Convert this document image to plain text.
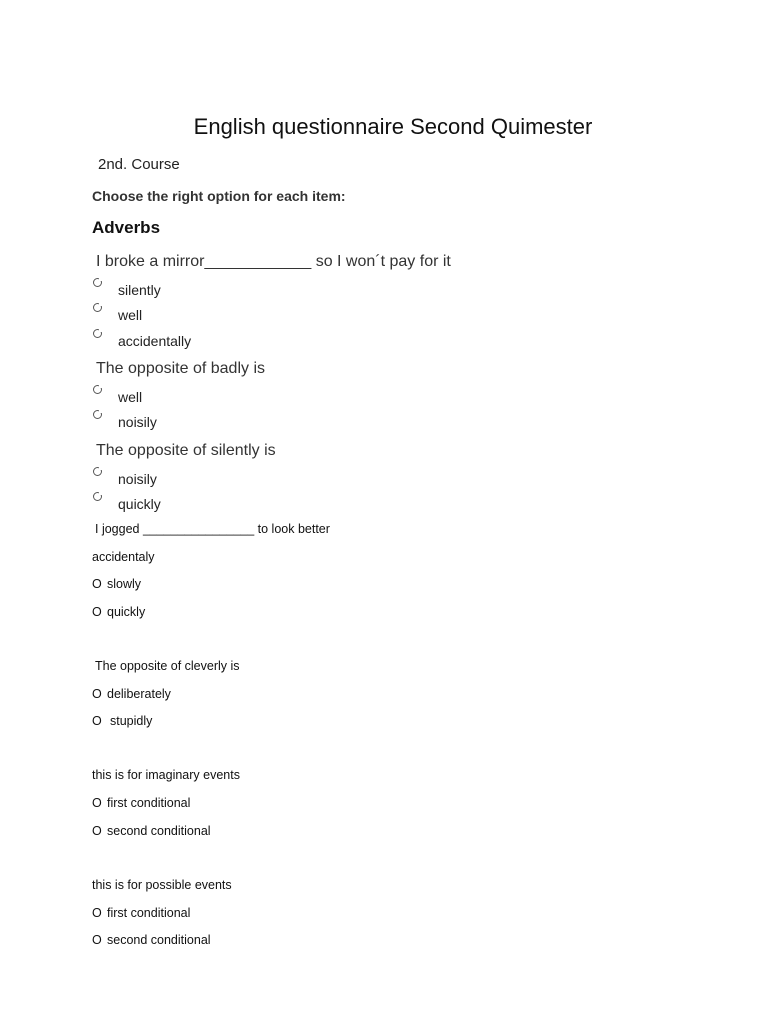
English questionnaire Second Quimester
2nd. Course
Choose the right option for each item:
Adverbs
I broke a mirror____________ so I won´t pay for it
silently
well
accidentally
The opposite of badly is
well
noisily
The opposite of silently is
noisily
quickly
I jogged ________________ to look better
accidentaly
O slowly
O quickly
The opposite of cleverly is
O deliberately
O stupidly
this is for imaginary events
O first conditional
O second conditional
this is for possible events
O first conditional
O second conditional
